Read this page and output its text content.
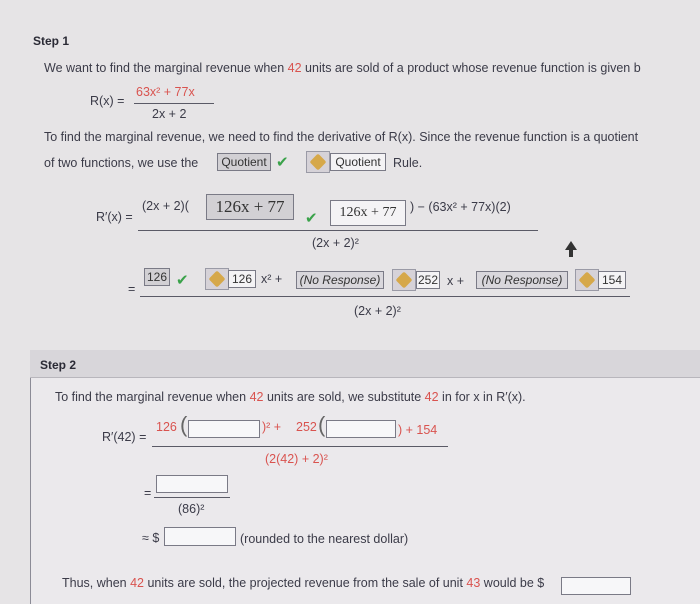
Step 1
We want to find the marginal revenue when 42 units are sold of a product whose revenue function is given b
R(x) =
63x² + 77x
2x + 2
To find the marginal revenue, we need to find the derivative of R(x). Since the revenue function is a quotient
of two functions, we use the	Quotient ✔	Quotient Rule.
R′(x) =
(2x + 2)(	126x + 77
✔	126x + 77	) − (63x² + 77x)(2)
(2x + 2)²
=
126 ✔	126 x² +	(No Response)	252 x +	(No Response)	154
(2x + 2)²
Step 2
To find the marginal revenue when 42 units are sold, we substitute 42 in for x in R′(x).
R′(42) =
126 (	)² + 252 (	) + 154
(2(42) + 2)²
=
(86)²
≈ $	(rounded to the nearest dollar)
Thus, when 42 units are sold, the projected revenue from the sale of unit 43 would be $
